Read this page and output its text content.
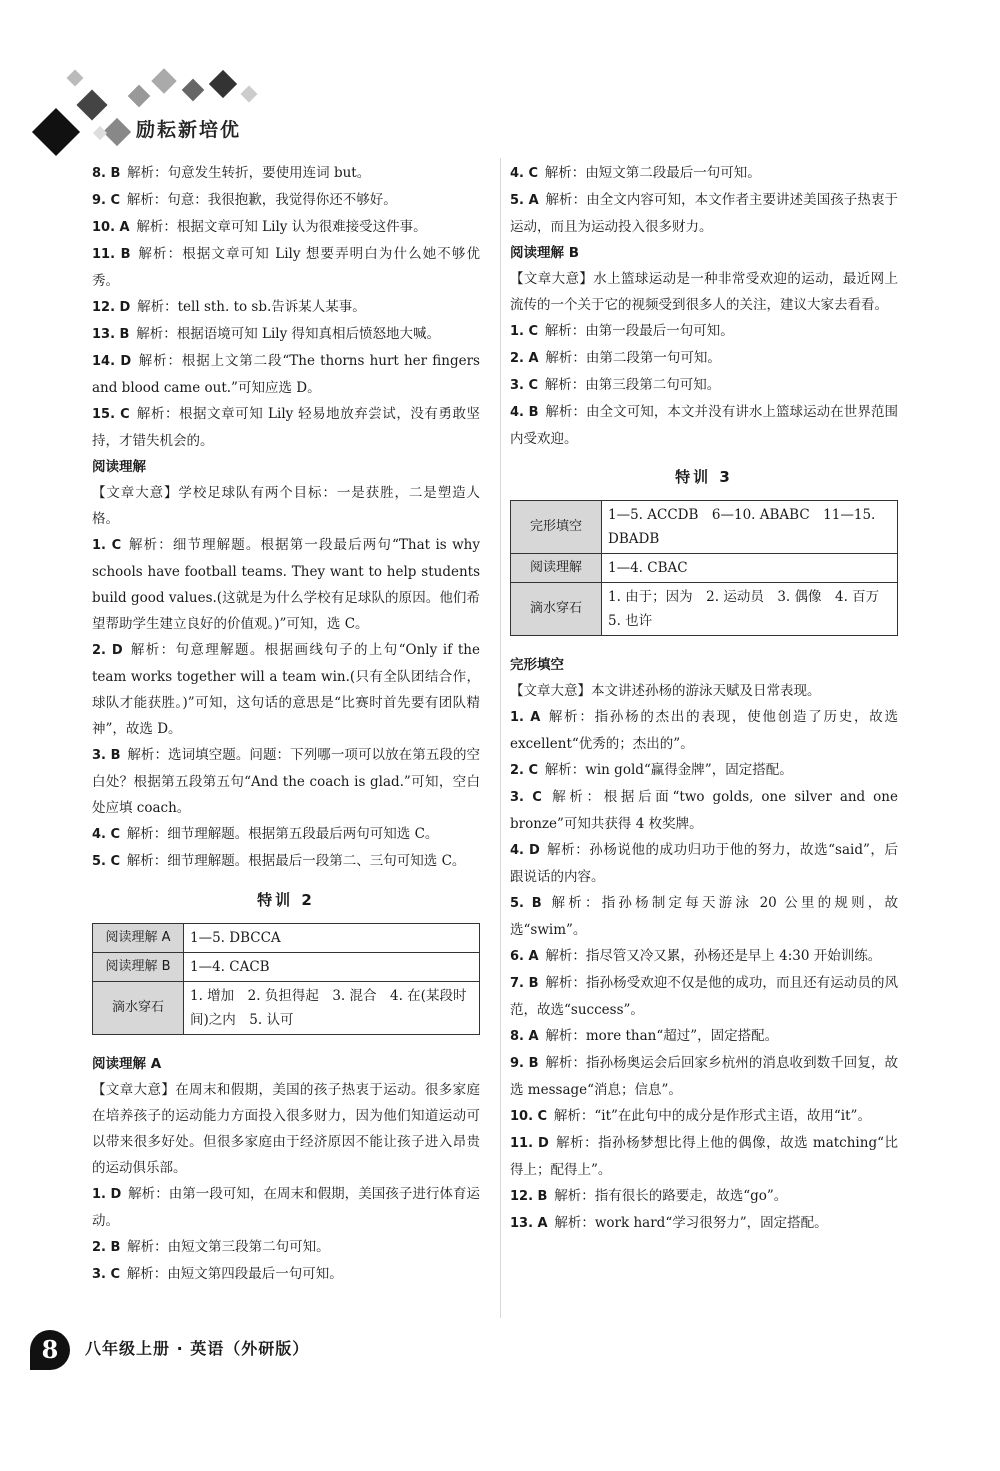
励耘新培优

8. B  解析：句意发生转折，要使用连词 but。

9. C  解析：句意：我很抱歉，我觉得你还不够好。

10. A  解析：根据文章可知 Lily 认为很难接受这件事。

11. B  解析：根据文章可知 Lily 想要弄明白为什么她不够优秀。

12. D  解析：tell sth. to sb.告诉某人某事。

13. B  解析：根据语境可知 Lily 得知真相后愤怒地大喊。

14. D  解析：根据上文第二段“The thorns hurt her fingers and blood came out.”可知应选 D。

15. C  解析：根据文章可知 Lily 轻易地放弃尝试，没有勇敢坚持，才错失机会的。

阅读理解

【文章大意】学校足球队有两个目标：一是获胜，二是塑造人格。

1. C  解析：细节理解题。根据第一段最后两句“That is why schools have football teams. They want to help students build good values.(这就是为什么学校有足球队的原因。他们希望帮助学生建立良好的价值观。)”可知，选 C。

2. D  解析：句意理解题。根据画线句子的上句“Only if the team works together will a team win.(只有全队团结合作，球队才能获胜。)”可知，这句话的意思是“比赛时首先要有团队精神”，故选 D。

3. B  解析：选词填空题。问题：下列哪一项可以放在第五段的空白处？根据第五段第五句“And the coach is glad.”可知，空白处应填 coach。

4. C  解析：细节理解题。根据第五段最后两句可知选 C。

5. C  解析：细节理解题。根据最后一段第二、三句可知选 C。

特训 2
阅读理解 A	1—5. DBCCA
阅读理解 B	1—4. CACB
滴水穿石	1. 增加　2. 负担得起　3. 混合　4. 在(某段时间)之内　5. 认可

阅读理解 A

【文章大意】在周末和假期，美国的孩子热衷于运动。很多家庭在培养孩子的运动能力方面投入很多财力，因为他们知道运动可以带来很多好处。但很多家庭由于经济原因不能让孩子进入昂贵的运动俱乐部。

1. D  解析：由第一段可知，在周末和假期，美国孩子进行体育运动。

2. B  解析：由短文第三段第二句可知。

3. C  解析：由短文第四段最后一句可知。

4. C  解析：由短文第二段最后一句可知。

5. A  解析：由全文内容可知，本文作者主要讲述美国孩子热衷于运动，而且为运动投入很多财力。

阅读理解 B

【文章大意】水上篮球运动是一种非常受欢迎的运动，最近网上流传的一个关于它的视频受到很多人的关注，建议大家去看看。

1. C  解析：由第一段最后一句可知。

2. A  解析：由第二段第一句可知。

3. C  解析：由第三段第二句可知。

4. B  解析：由全文可知，本文并没有讲水上篮球运动在世界范围内受欢迎。

特训 3
完形填空	1—5. ACCDB　6—10. ABABC　11—15. DBADB
阅读理解	1—4. CBAC
滴水穿石	1. 由于；因为　2. 运动员　3. 偶像　4. 百万　5. 也许

完形填空

【文章大意】本文讲述孙杨的游泳天赋及日常表现。

1. A  解析：指孙杨的杰出的表现，使他创造了历史，故选 excellent“优秀的；杰出的”。

2. C  解析：win gold“赢得金牌”，固定搭配。

3. C  解析：根据后面“two golds, one silver and one bronze”可知共获得 4 枚奖牌。

4. D  解析：孙杨说他的成功归功于他的努力，故选“said”，后跟说话的内容。

5. B  解析：指孙杨制定每天游泳 20 公里的规则，故选“swim”。

6. A  解析：指尽管又冷又累，孙杨还是早上 4:30 开始训练。

7. B  解析：指孙杨受欢迎不仅是他的成功，而且还有运动员的风范，故选“success”。

8. A  解析：more than“超过”，固定搭配。

9. B  解析：指孙杨奥运会后回家乡杭州的消息收到数千回复，故选 message“消息；信息”。

10. C  解析：“it”在此句中的成分是作形式主语，故用“it”。

11. D  解析：指孙杨梦想比得上他的偶像，故选 matching“比得上；配得上”。

12. B  解析：指有很长的路要走，故选“go”。

13. A  解析：work hard“学习很努力”，固定搭配。

8	八年级上册 · 英语（外研版）
